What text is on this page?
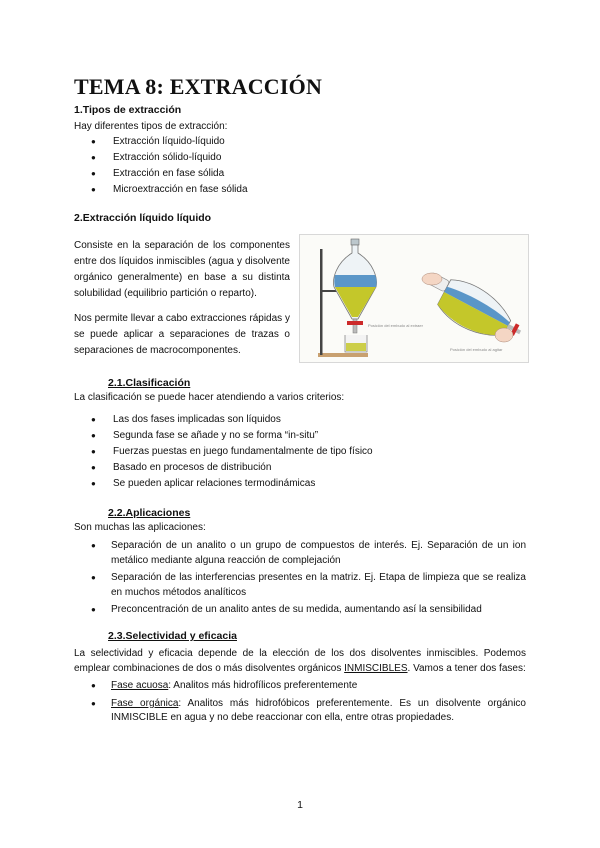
TEMA 8: EXTRACCIÓN
1.Tipos de extracción
Hay diferentes tipos de extracción:
● Extracción líquido-líquido
● Extracción sólido-líquido
● Extracción en fase sólida
● Microextracción en fase sólida
2.Extracción líquido líquido
Consiste en la separación de los componentes entre dos líquidos inmiscibles (agua y disolvente orgánico generalmente) en base a su distinta solubilidad (equilibrio partición o reparto).
Nos permite llevar a cabo extracciones rápidas y se puede aplicar a separaciones de trazas o separaciones de macrocomponentes.
Posición del embudo al extraer
Posición del embudo al agitar
2.1.Clasificación
La clasificación se puede hacer atendiendo a varios criterios:
● Las dos fases implicadas son líquidos
● Segunda fase se añade y no se forma “in-situ”
● Fuerzas puestas en juego fundamentalmente de tipo físico
● Basado en procesos de distribución
● Se pueden aplicar relaciones termodinámicas
2.2.Aplicaciones
Son muchas las aplicaciones:
● Separación de un analito o un grupo de compuestos de interés. Ej. Separación de un ion metálico mediante alguna reacción de complejación
● Separación de las interferencias presentes en la matriz. Ej. Etapa de limpieza que se realiza en muchos métodos analíticos
● Preconcentración de un analito antes de su medida, aumentando así la sensibilidad
2.3.Selectividad y eficacia
La selectividad y eficacia depende de la elección de los dos disolventes inmiscibles. Podemos emplear combinaciones de dos o más disolventes orgánicos INMISCIBLES. Vamos a tener dos fases:
● Fase acuosa: Analitos más hidrofílicos preferentemente
● Fase orgánica: Analitos más hidrofóbicos preferentemente. Es un disolvente orgánico INMISCIBLE en agua y no debe reaccionar con ella, entre otras propiedades.
1
